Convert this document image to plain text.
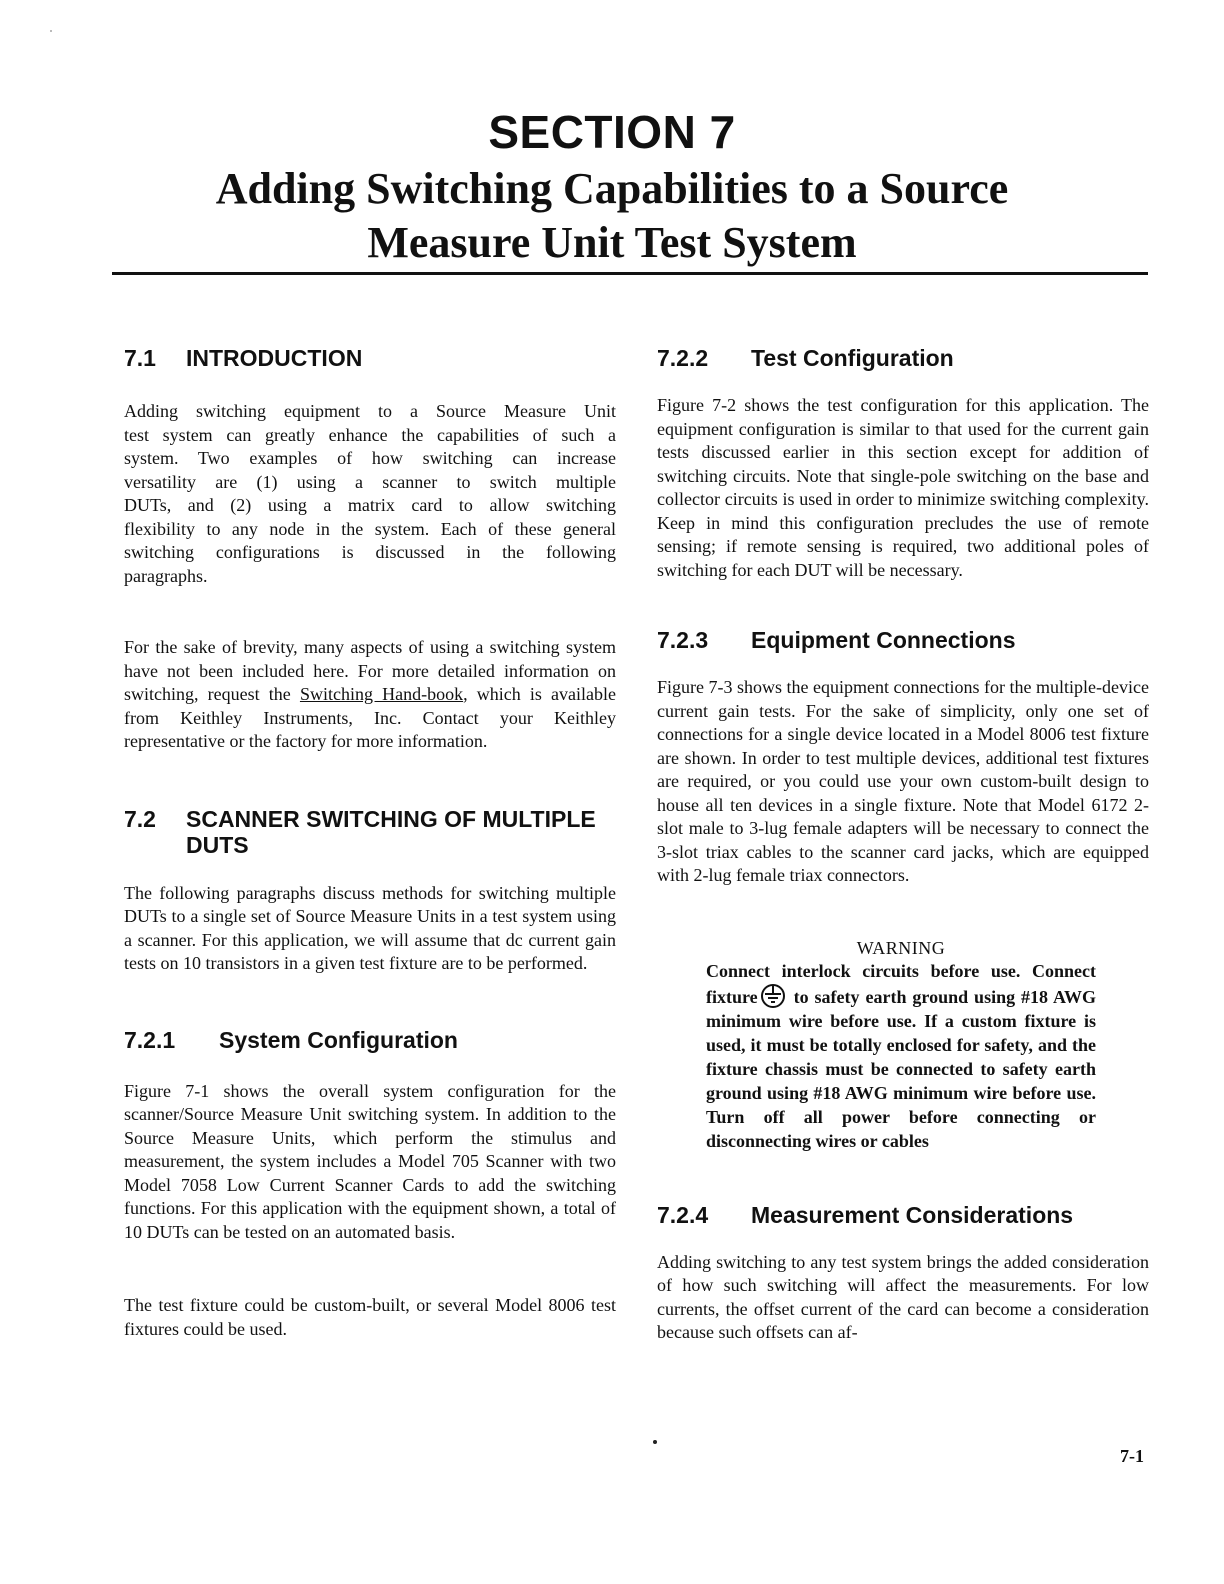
SECTION 7
Adding Switching Capabilities to a Source
Measure Unit Test System
7.1 INTRODUCTION
Adding switching equipment to a Source Measure Unit
test system can greatly enhance the capabilities of such a
system. Two examples of how switching can increase
versatility are (1) using a scanner to switch multiple
DUTs, and (2) using a matrix card to allow switching
flexibility to any node in the system. Each of these general
switching configurations is discussed in the following
paragraphs.

For the sake of brevity, many aspects of using a switching system have not been included here. For more detailed information on switching, request the Switching Hand-book, which is available from Keithley Instruments, Inc. Contact your Keithley representative or the factory for more information.

7.2 SCANNER SWITCHING OF MULTIPLE
DUTS

The following paragraphs discuss methods for switching multiple DUTs to a single set of Source Measure Units in a test system using a scanner. For this application, we will assume that dc current gain tests on 10 transistors in a given test fixture are to be performed.

7.2.1 System Configuration

Figure 7-1 shows the overall system configuration for the scanner/Source Measure Unit switching system. In addition to the Source Measure Units, which perform the stimulus and measurement, the system includes a Model 705 Scanner with two Model 7058 Low Current Scanner Cards to add the switching functions. For this application with the equipment shown, a total of 10 DUTs can be tested on an automated basis.

The test fixture could be custom-built, or several Model 8006 test fixtures could be used.

7.2.2 Test Configuration

Figure 7-2 shows the test configuration for this application. The equipment configuration is similar to that used for the current gain tests discussed earlier in this section except for addition of switching circuits. Note that single-pole switching on the base and collector circuits is used in order to minimize switching complexity. Keep in mind this configuration precludes the use of remote sensing; if remote sensing is required, two additional poles of switching for each DUT will be necessary.

7.2.3 Equipment Connections

Figure 7-3 shows the equipment connections for the multiple-device current gain tests. For the sake of simplicity, only one set of connections for a single device located in a Model 8006 test fixture are shown. In order to test multiple devices, additional test fixtures are required, or you could use your own custom-built design to house all ten devices in a single fixture. Note that Model 6172 2-slot male to 3-lug female adapters will be necessary to connect the 3-slot triax cables to the scanner card jacks, which are equipped with 2-lug female triax connectors.

WARNING

Connect interlock circuits before use. Connect fixture to safety earth ground using #18 AWG minimum wire before use. If a custom fixture is used, it must be totally enclosed for safety, and the fixture chassis must be connected to safety earth ground using #18 AWG minimum wire before use. Turn off all power before connecting or disconnecting wires or cables

7.2.4 Measurement Considerations

Adding switching to any test system brings the added consideration of how such switching will affect the measurements. For low currents, the offset current of the card can become a consideration because such offsets can af-

7-1
